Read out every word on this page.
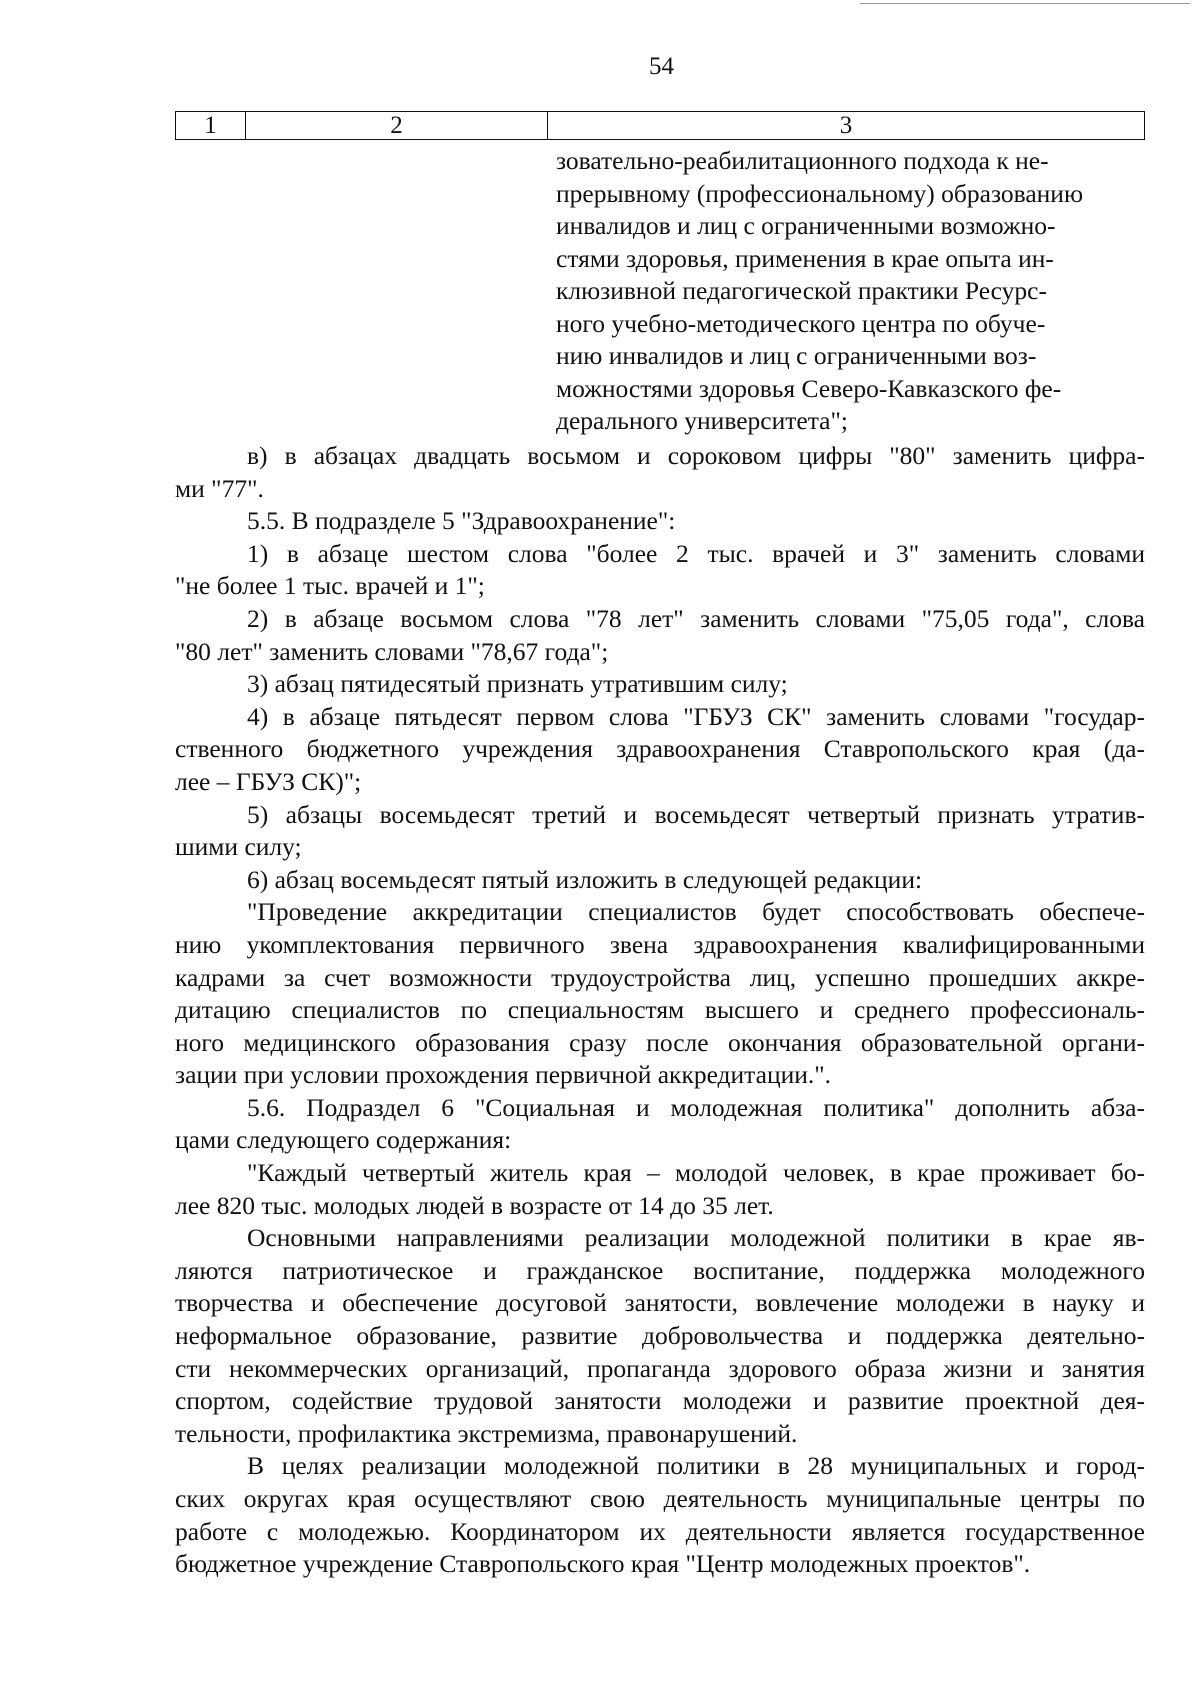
54
1	2	3
зовательно-реабилитационного подхода к не-
прерывному (профессиональному) образованию
инвалидов и лиц с ограниченными возможно-
стями здоровья, применения в крае опыта ин-
клюзивной педагогической практики Ресурс-
ного учебно-методического центра по обуче-
нию инвалидов и лиц с ограниченными воз-
можностями здоровья Северо-Кавказского фе-
дерального университета";

в) в абзацах двадцать восьмом и сороковом цифры "80" заменить цифра-
ми "77".

5.5. В подразделе 5 "Здравоохранение":

1) в абзаце шестом слова "более 2 тыс. врачей и 3" заменить словами
"не более 1 тыс. врачей и 1";

2) в абзаце восьмом слова "78 лет" заменить словами "75,05 года", слова
"80 лет" заменить словами "78,67 года";

3) абзац пятидесятый признать утратившим силу;

4) в абзаце пятьдесят первом слова "ГБУЗ СК" заменить словами "государ-
ственного бюджетного учреждения здравоохранения Ставропольского края (да-
лее – ГБУЗ СК)";

5) абзацы восемьдесят третий и восемьдесят четвертый признать утратив-
шими силу;

6) абзац восемьдесят пятый изложить в следующей редакции:

"Проведение аккредитации специалистов будет способствовать обеспече-
нию укомплектования первичного звена здравоохранения квалифицированными
кадрами за счет возможности трудоустройства лиц, успешно прошедших аккре-
дитацию специалистов по специальностям высшего и среднего профессиональ-
ного медицинского образования сразу после окончания образовательной органи-
зации при условии прохождения первичной аккредитации.".

5.6. Подраздел 6 "Социальная и молодежная политика" дополнить абза-
цами следующего содержания:

"Каждый четвертый житель края – молодой человек, в крае проживает бо-
лее 820 тыс. молодых людей в возрасте от 14 до 35 лет.

Основными направлениями реализации молодежной политики в крае яв-
ляются патриотическое и гражданское воспитание, поддержка молодежного
творчества и обеспечение досуговой занятости, вовлечение молодежи в науку и
неформальное образование, развитие добровольчества и поддержка деятельно-
сти некоммерческих организаций, пропаганда здорового образа жизни и занятия
спортом, содействие трудовой занятости молодежи и развитие проектной дея-
тельности, профилактика экстремизма, правонарушений.

В целях реализации молодежной политики в 28 муниципальных и город-
ских округах края осуществляют свою деятельность муниципальные центры по
работе с молодежью. Координатором их деятельности является государственное
бюджетное учреждение Ставропольского края "Центр молодежных проектов".
